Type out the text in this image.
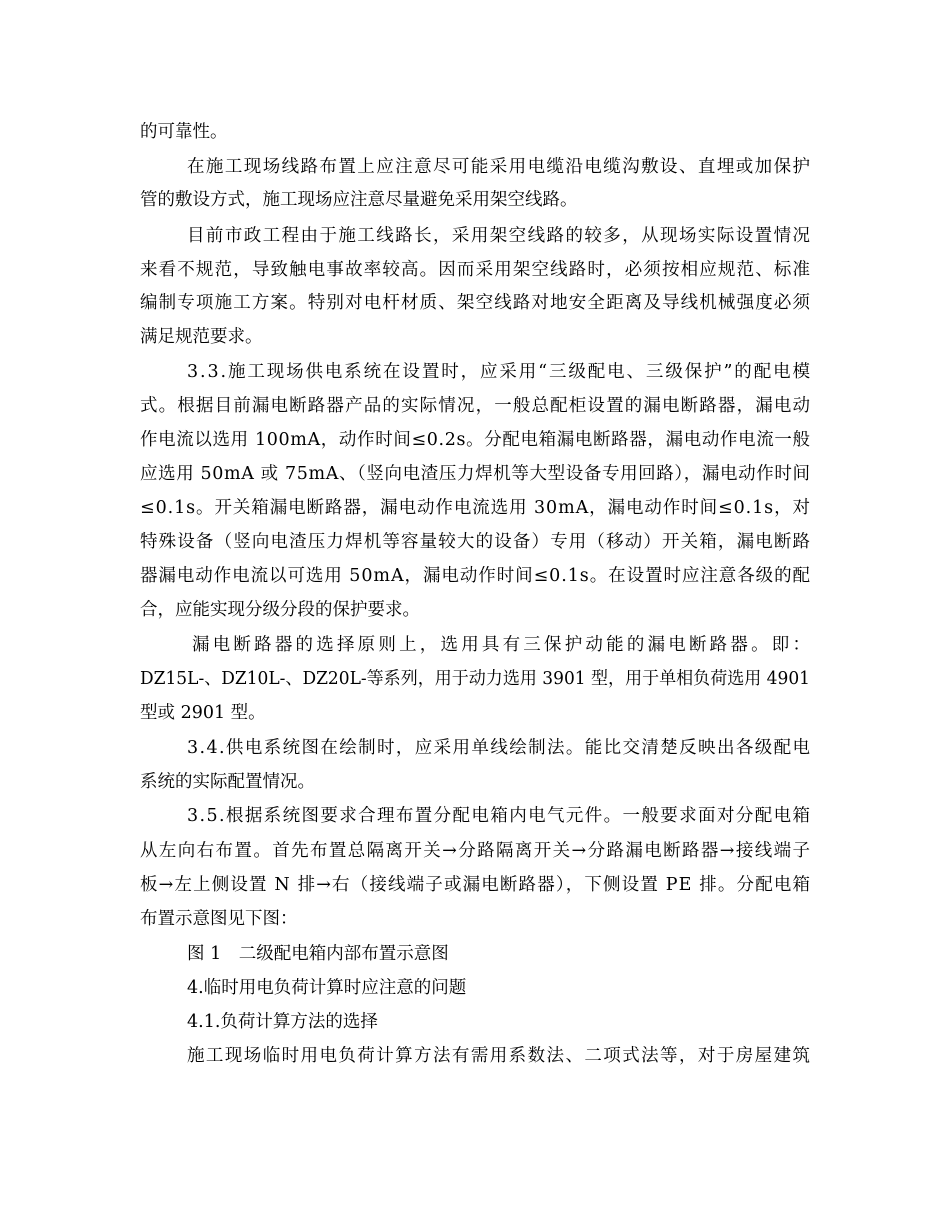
的可靠性。
在施工现场线路布置上应注意尽可能采用电缆沿电缆沟敷设、直埋或加保护
管的敷设方式，施工现场应注意尽量避免采用架空线路。
目前市政工程由于施工线路长，采用架空线路的较多，从现场实际设置情况
来看不规范，导致触电事故率较高。因而采用架空线路时，必须按相应规范、标准
编制专项施工方案。特别对电杆材质、架空线路对地安全距离及导线机械强度必须
满足规范要求。
3.3.施工现场供电系统在设置时，应采用“三级配电、三级保护”的配电模
式。根据目前漏电断路器产品的实际情况，一般总配柜设置的漏电断路器，漏电动
作电流以选用 100mA，动作时间≤0.2s。分配电箱漏电断路器，漏电动作电流一般
应选用 50mA 或 75mA、（竖向电渣压力焊机等大型设备专用回路），漏电动作时间
≤0.1s。开关箱漏电断路器，漏电动作电流选用 30mA，漏电动作时间≤0.1s，对
特殊设备（竖向电渣压力焊机等容量较大的设备）专用（移动）开关箱，漏电断路
器漏电动作电流以可选用 50mA，漏电动作时间≤0.1s。在设置时应注意各级的配
合，应能实现分级分段的保护要求。
漏电断路器的选择原则上，选用具有三保护动能的漏电断路器。即：
DZ15L-、DZ10L-、DZ20L-等系列，用于动力选用 3901 型，用于单相负荷选用 4901
型或 2901 型。
3.4.供电系统图在绘制时，应采用单线绘制法。能比交清楚反映出各级配电
系统的实际配置情况。
3.5.根据系统图要求合理布置分配电箱内电气元件。一般要求面对分配电箱
从左向右布置。首先布置总隔离开关→分路隔离开关→分路漏电断路器→接线端子
板→左上侧设置 N 排→右（接线端子或漏电断路器），下侧设置 PE 排。分配电箱
布置示意图见下图：
图 1　二级配电箱内部布置示意图
4.临时用电负荷计算时应注意的问题
4.1.负荷计算方法的选择
施工现场临时用电负荷计算方法有需用系数法、二项式法等，对于房屋建筑
